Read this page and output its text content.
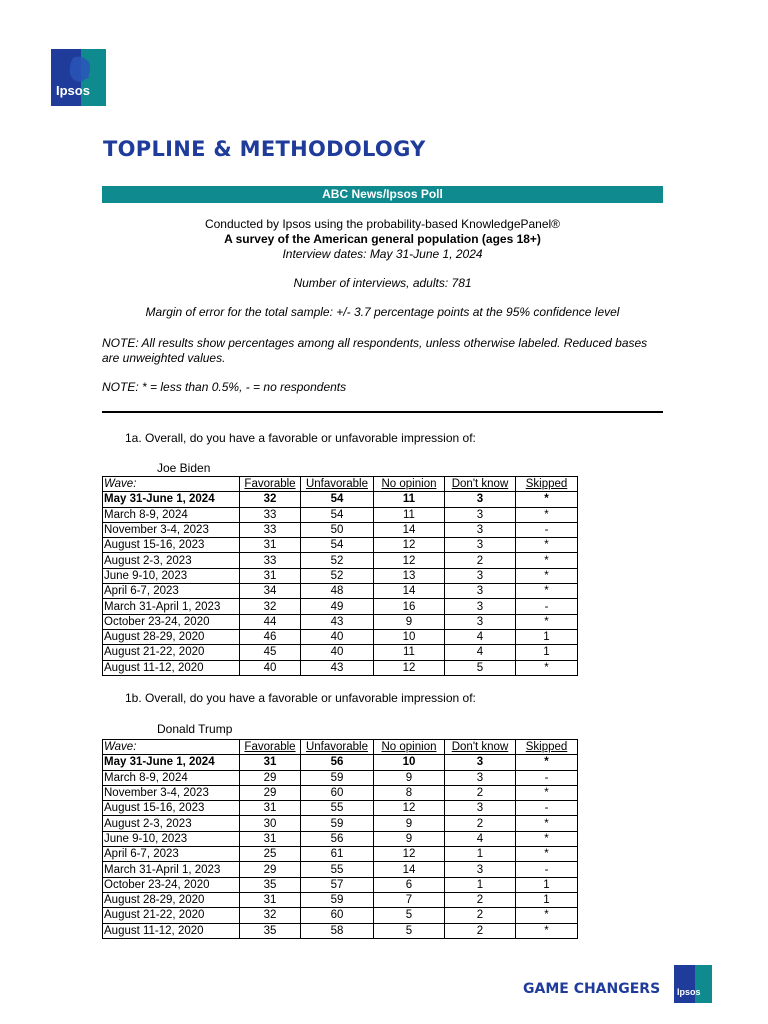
Ipsos
TOPLINE & METHODOLOGY
ABC News/Ipsos Poll
Conducted by Ipsos using the probability-based KnowledgePanel®
A survey of the American general population (ages 18+)
Interview dates: May 31-June 1, 2024
Number of interviews, adults: 781
Margin of error for the total sample: +/- 3.7 percentage points at the 95% confidence level
NOTE: All results show percentages among all respondents, unless otherwise labeled. Reduced bases are unweighted values.
NOTE: * = less than 0.5%, - = no respondents
1a. Overall, do you have a favorable or unfavorable impression of:
Joe Biden
Wave:	Favorable	Unfavorable	No opinion	Don't know	Skipped
May 31-June 1, 2024	32	54	11	3	*
March 8-9, 2024	33	54	11	3	*
November 3-4, 2023	33	50	14	3	-
August 15-16, 2023	31	54	12	3	*
August 2-3, 2023	33	52	12	2	*
June 9-10, 2023	31	52	13	3	*
April 6-7, 2023	34	48	14	3	*
March 31-April 1, 2023	32	49	16	3	-
October 23-24, 2020	44	43	9	3	*
August 28-29, 2020	46	40	10	4	1
August 21-22, 2020	45	40	11	4	1
August 11-12, 2020	40	43	12	5	*
1b. Overall, do you have a favorable or unfavorable impression of:
Donald Trump
Wave:	Favorable	Unfavorable	No opinion	Don't know	Skipped
May 31-June 1, 2024	31	56	10	3	*
March 8-9, 2024	29	59	9	3	-
November 3-4, 2023	29	60	8	2	*
August 15-16, 2023	31	55	12	3	-
August 2-3, 2023	30	59	9	2	*
June 9-10, 2023	31	56	9	4	*
April 6-7, 2023	25	61	12	1	*
March 31-April 1, 2023	29	55	14	3	-
October 23-24, 2020	35	57	6	1	1
August 28-29, 2020	31	59	7	2	1
August 21-22, 2020	32	60	5	2	*
August 11-12, 2020	35	58	5	2	*
GAME CHANGERS Ipsos
